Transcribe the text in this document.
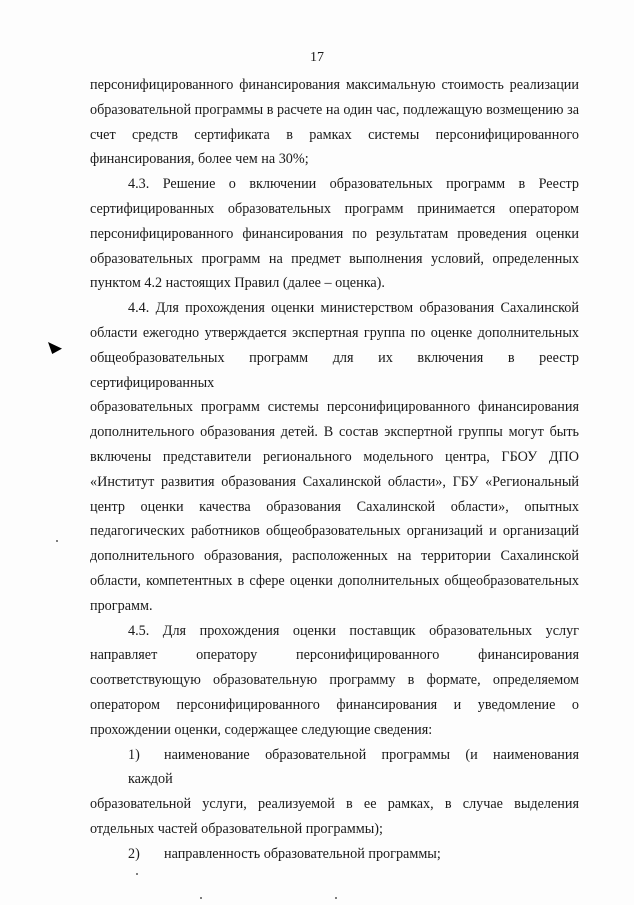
17
персонифицированного финансирования максимальную стоимость реализации
образовательной программы в расчете на один час, подлежащую возмещению за
счет средств сертификата в рамках системы персонифицированного
финансирования, более чем на 30%;
4.3. Решение о включении образовательных программ в Реестр
сертифицированных образовательных программ принимается оператором
персонифицированного финансирования по результатам проведения оценки
образовательных программ на предмет выполнения условий, определенных
пунктом 4.2 настоящих Правил (далее – оценка).
4.4. Для прохождения оценки министерством образования Сахалинской
области ежегодно утверждается экспертная группа по оценке дополнительных
общеобразовательных программ для их включения в реестр сертифицированных
образовательных программ системы персонифицированного финансирования
дополнительного образования детей. В состав экспертной группы могут быть
включены представители регионального модельного центра, ГБОУ ДПО
«Институт развития образования Сахалинской области», ГБУ «Региональный
центр оценки качества образования Сахалинской области», опытных
педагогических работников общеобразовательных организаций и организаций
дополнительного образования, расположенных на территории Сахалинской
области, компетентных в сфере оценки дополнительных общеобразовательных
программ.
4.5. Для прохождения оценки поставщик образовательных услуг
направляет оператору персонифицированного финансирования
соответствующую образовательную программу в формате, определяемом
оператором персонифицированного финансирования и уведомление о
прохождении оценки, содержащее следующие сведения:
1) наименование образовательной программы (и наименования каждой
образовательной услуги, реализуемой в ее рамках, в случае выделения
отдельных частей образовательной программы);
2) направленность образовательной программы;
